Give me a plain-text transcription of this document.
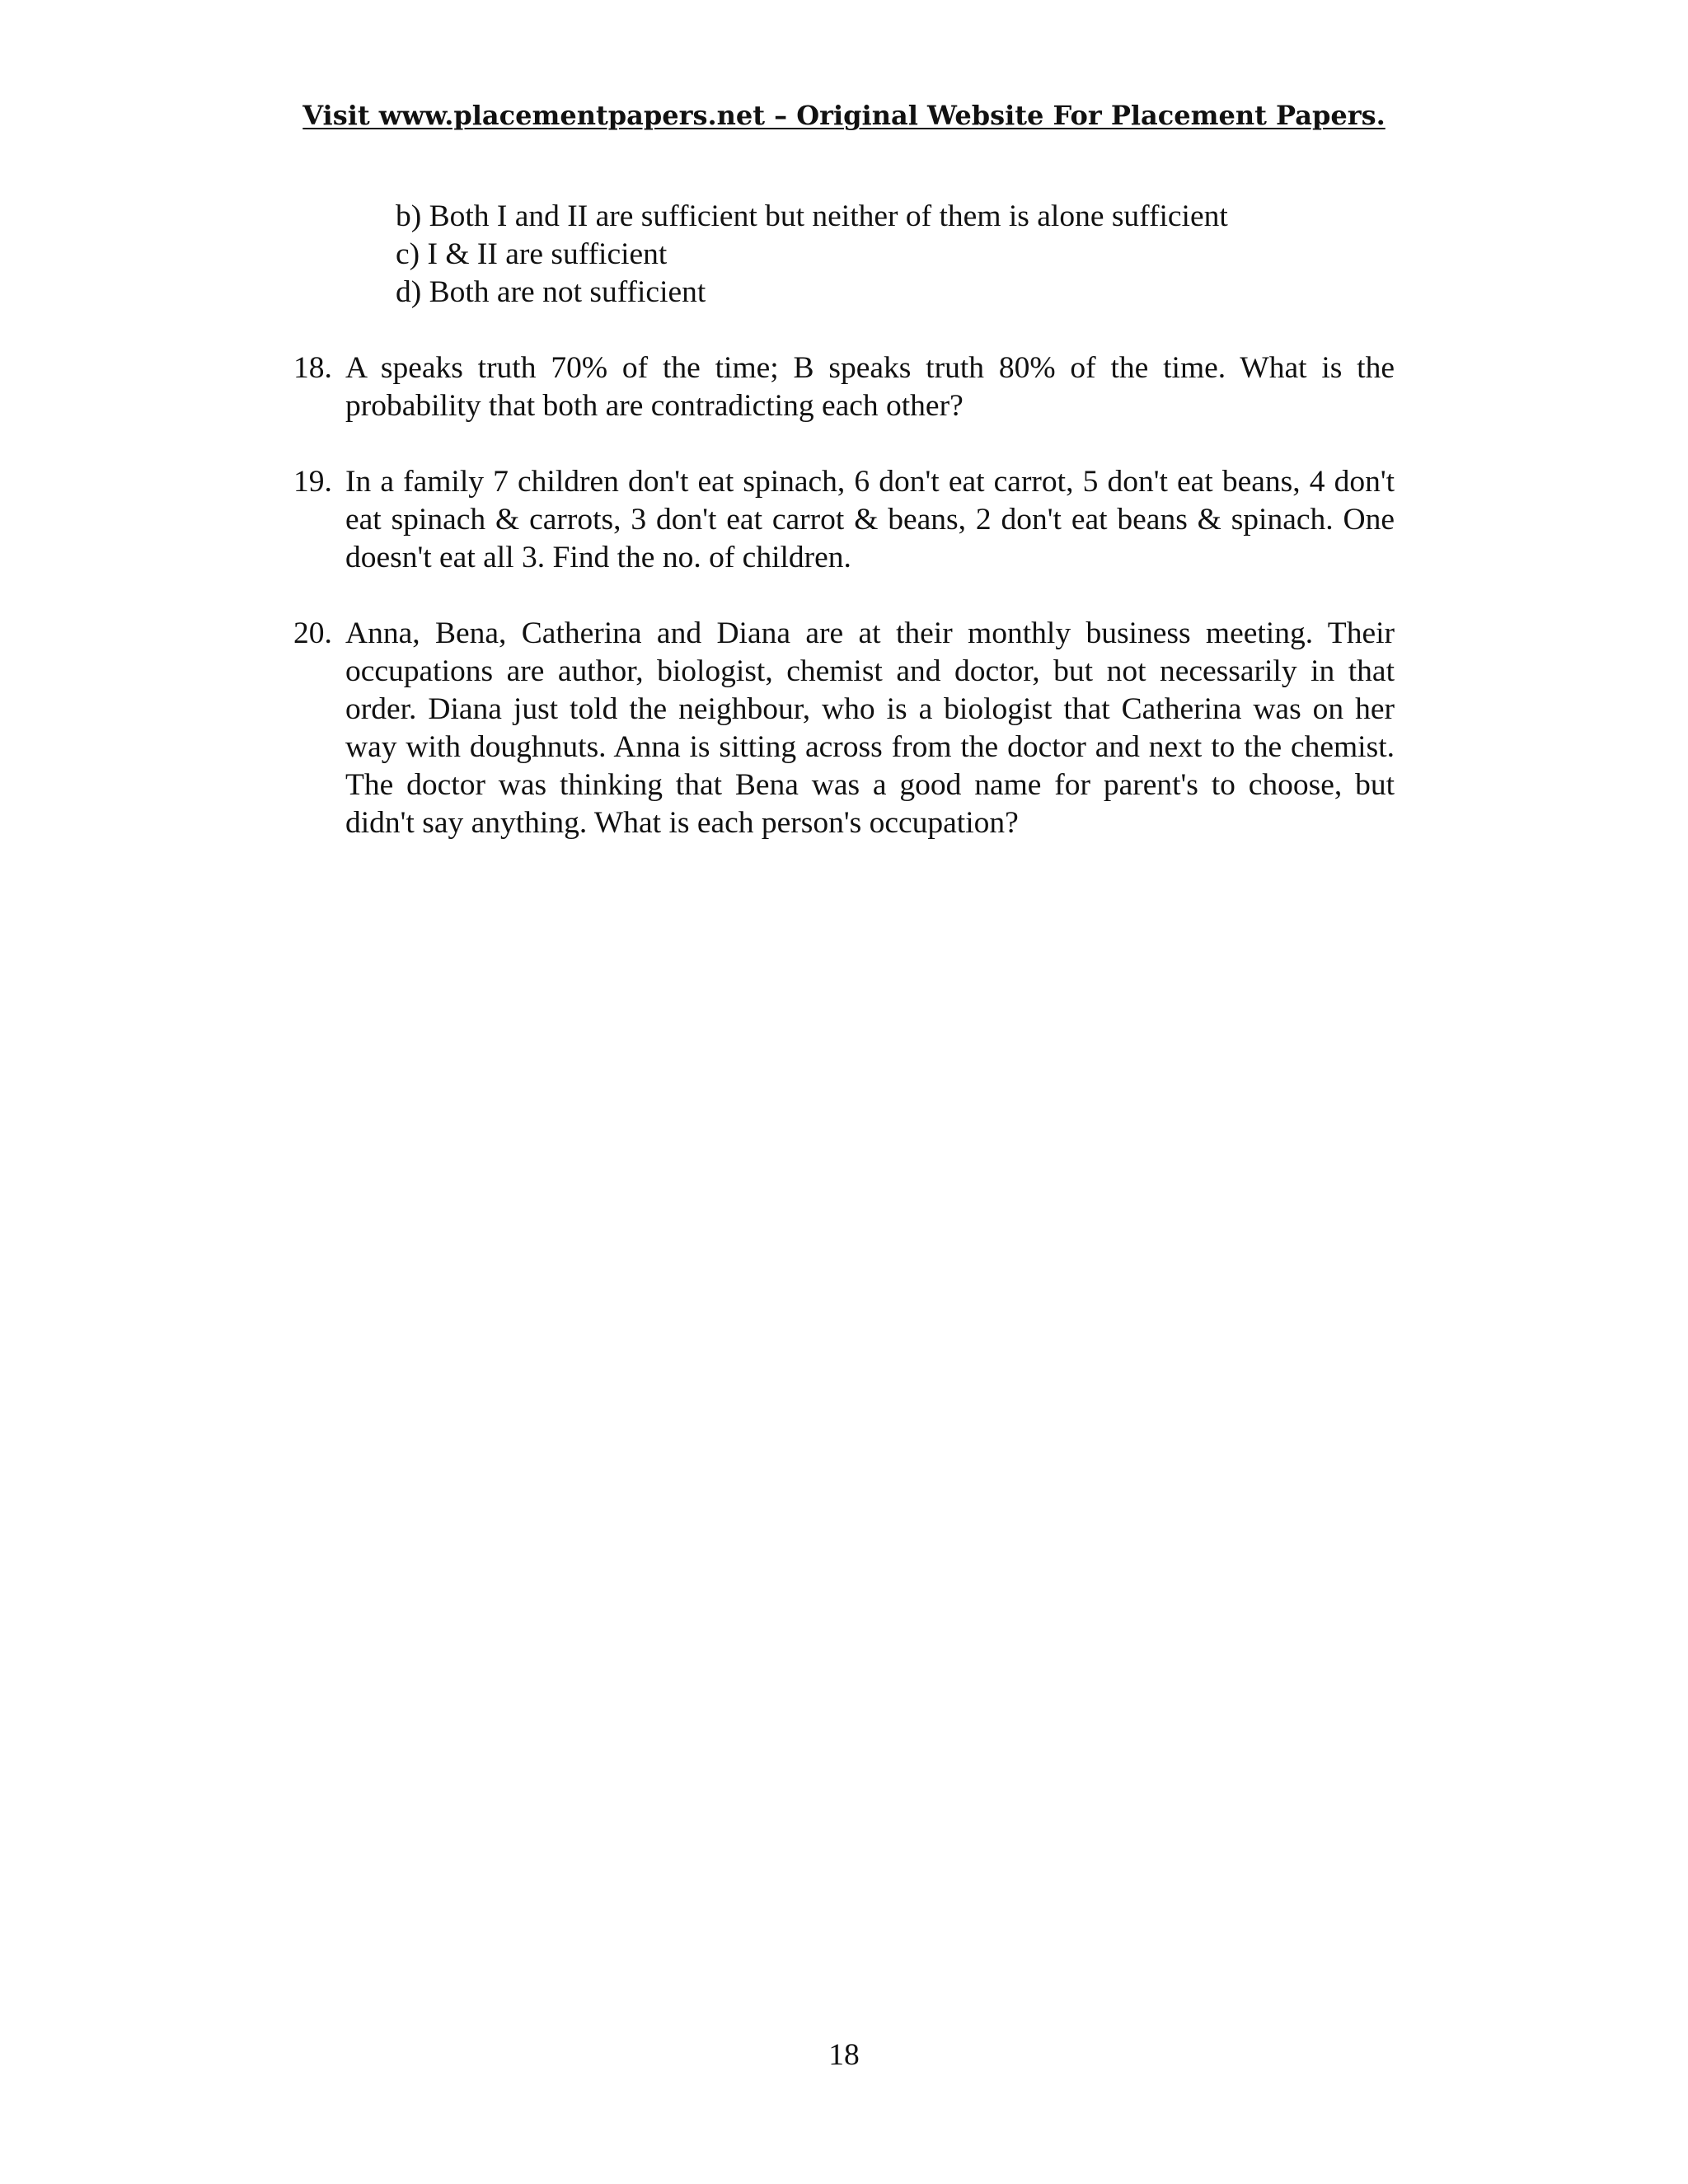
Visit www.placementpapers.net – Original Website For Placement Papers.
b) Both I and II are sufficient but neither of them is alone sufficient
c) I & II are sufficient
d) Both are not sufficient
18. A speaks truth 70% of the time; B speaks truth 80% of the time. What is the probability that both are contradicting each other?
19. In a family 7 children don't eat spinach, 6 don't eat carrot, 5 don't eat beans, 4 don't eat spinach & carrots, 3 don't eat carrot & beans, 2 don't eat beans & spinach. One doesn't eat all 3. Find the no. of children.
20. Anna, Bena, Catherina and Diana are at their monthly business meeting. Their occupations are author, biologist, chemist and doctor, but not necessarily in that order. Diana just told the neighbour, who is a biologist that Catherina was on her way with doughnuts. Anna is sitting across from the doctor and next to the chemist. The doctor was thinking that Bena was a good name for parent's to choose, but didn't say anything. What is each person's occupation?
18
